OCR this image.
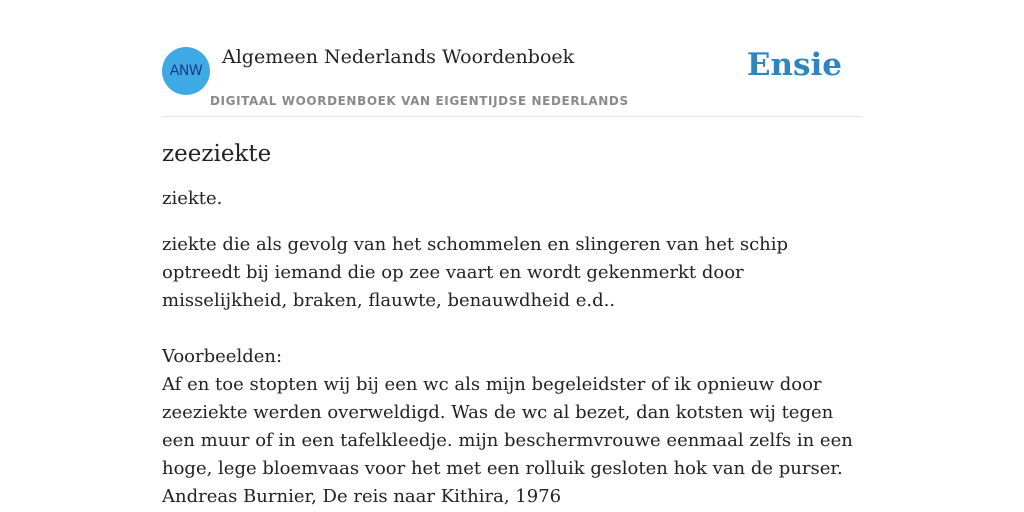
ANW
Algemeen Nederlands Woordenboek
DIGITAAL WOORDENBOEK VAN EIGENTIJDSE NEDERLANDS
Ensie
zeeziekte

ziekte.

ziekte die als gevolg van het schommelen en slingeren van het schip optreedt bij iemand die op zee vaart en wordt gekenmerkt door misselijkheid, braken, flauwte, benauwdheid e.d..

Voorbeelden:
Af en toe stopten wij bij een wc als mijn begeleidster of ik opnieuw door zeeziekte werden overweldigd. Was de wc al bezet, dan kotsten wij tegen een muur of in een tafelkleedje. mijn beschermvrouwe eenmaal zelfs in een hoge, lege bloemvaas voor het met een rolluik gesloten hok van de purser.
Andreas Burnier, De reis naar Kithira, 1976
